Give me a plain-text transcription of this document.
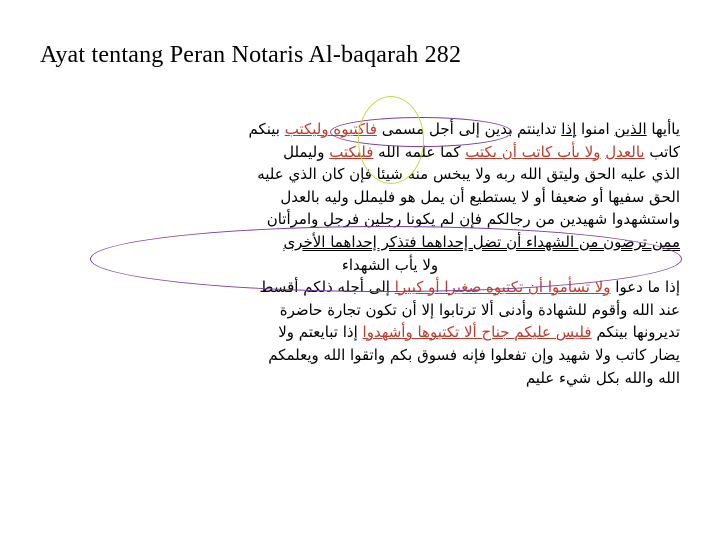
Ayat tentang Peran Notaris Al-baqarah 282
ياأيها الذين امنوا إذا تداينتم بدين إلى أجل مسمى فاكتبوه وليكتب بينكم
كاتب بالعدل ولا يأب كاتب أن يكتب كما علمه الله فليكتب وليملل
الذي عليه الحق وليتق الله ربه ولا يبخس منه شيئا فإن كان الذي عليه
الحق سفيها أو ضعيفا أو لا يستطيع أن يمل هو فليملل وليه بالعدل
واستشهدوا شهيدين من رجالكم فإن لم يكونا رجلين فرجل وامرأتان
ممن ترضون من الشهداء أن تضل إحداهما فتذكر إحداهما الأخرى
ولا يأب الشهداء
إذا ما دعوا ولا تسأموا أن تكتبوه صغيرا أو كبيرا إلى أجله ذلكم أقسط
عند الله وأقوم للشهادة وأدنى ألا ترتابوا إلا أن تكون تجارة حاضرة
تديرونها بينكم فليس عليكم جناح ألا تكتبوها وأشهدوا إذا تبايعتم ولا
يضار كاتب ولا شهيد وإن تفعلوا فإنه فسوق بكم واتقوا الله ويعلمكم
الله والله بكل شيء عليم
